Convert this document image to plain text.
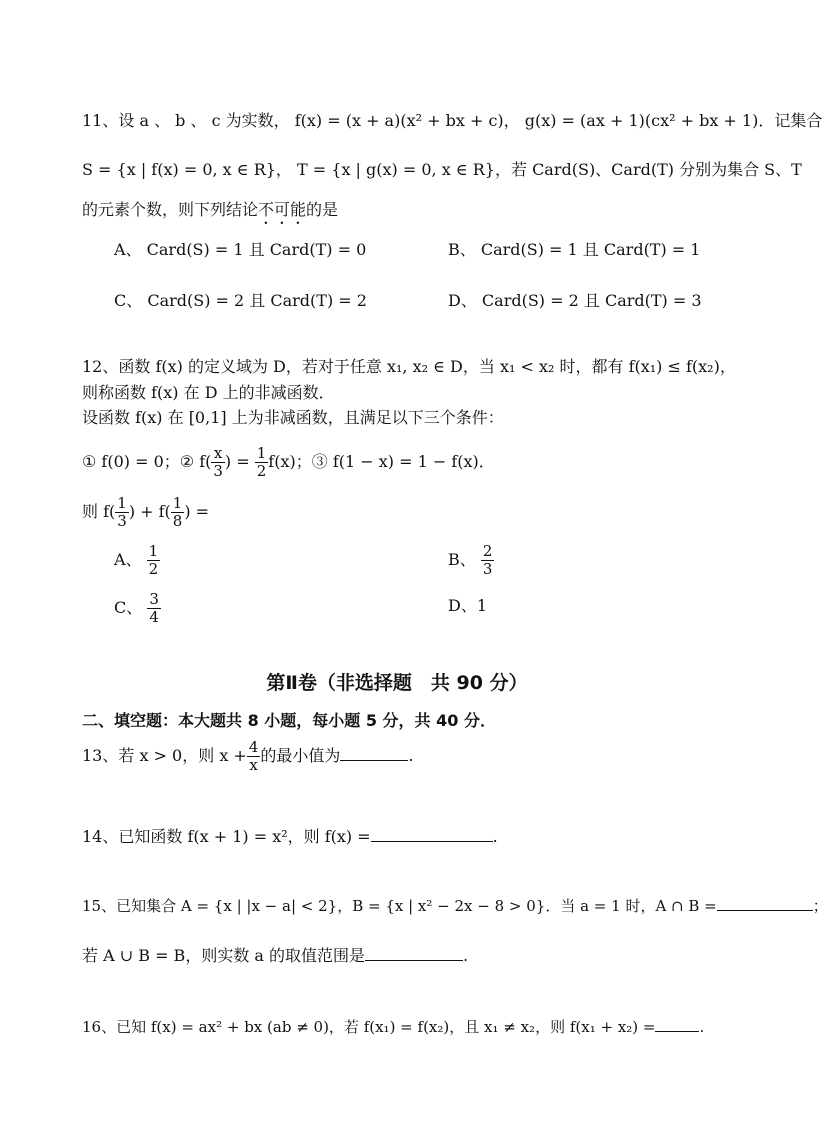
11、设 a 、 b 、 c 为实数， f(x) = (x + a)(x² + bx + c)， g(x) = (ax + 1)(cx² + bx + 1)．记集合
S = {x | f(x) = 0, x ∈ R}， T = {x | g(x) = 0, x ∈ R}，若 Card(S)、Card(T) 分别为集合 S、T
的元素个数，则下列结论不可能的是
A、 Card(S) = 1 且 Card(T) = 0	B、 Card(S) = 1 且 Card(T) = 1
C、 Card(S) = 2 且 Card(T) = 2	D、 Card(S) = 2 且 Card(T) = 3
12、函数 f(x) 的定义域为 D，若对于任意 x₁, x₂ ∈ D，当 x₁ < x₂ 时，都有 f(x₁) ≤ f(x₂)，
则称函数 f(x) 在 D 上的非减函数．
设函数 f(x) 在 [0,1] 上为非减函数，且满足以下三个条件：
① f(0) = 0；② $f( \frac{x}{3}$ ) = $\frac{1}{2} f(x)$；③ f(1 − x) = 1 − f(x)．
则 $f( \frac{1}{3}$ ) + $f( \frac{1}{8}$ ) =
A、 $\frac{1}{2}$	B、 $\frac{2}{3}$
C、 $\frac{3}{4}$	D、1
第Ⅱ卷（非选择题　共 90 分）
二、填空题：本大题共 8 小题，每小题 5 分，共 40 分．
13、若 x > 0，则 $x + \frac{4}{x}$ 的最小值为	.
14、已知函数 f(x + 1) = x²，则 f(x) =	.
15、已知集合 A = {x | |x − a| < 2}，B = {x | x² − 2x − 8 > 0}．当 a = 1 时，A ∩ B =	；
若 A ∪ B = B，则实数 a 的取值范围是	.
16、已知 f(x) = ax² + bx (ab ≠ 0)，若 f(x₁) = f(x₂)，且 x₁ ≠ x₂，则 f(x₁ + x₂) =	.
